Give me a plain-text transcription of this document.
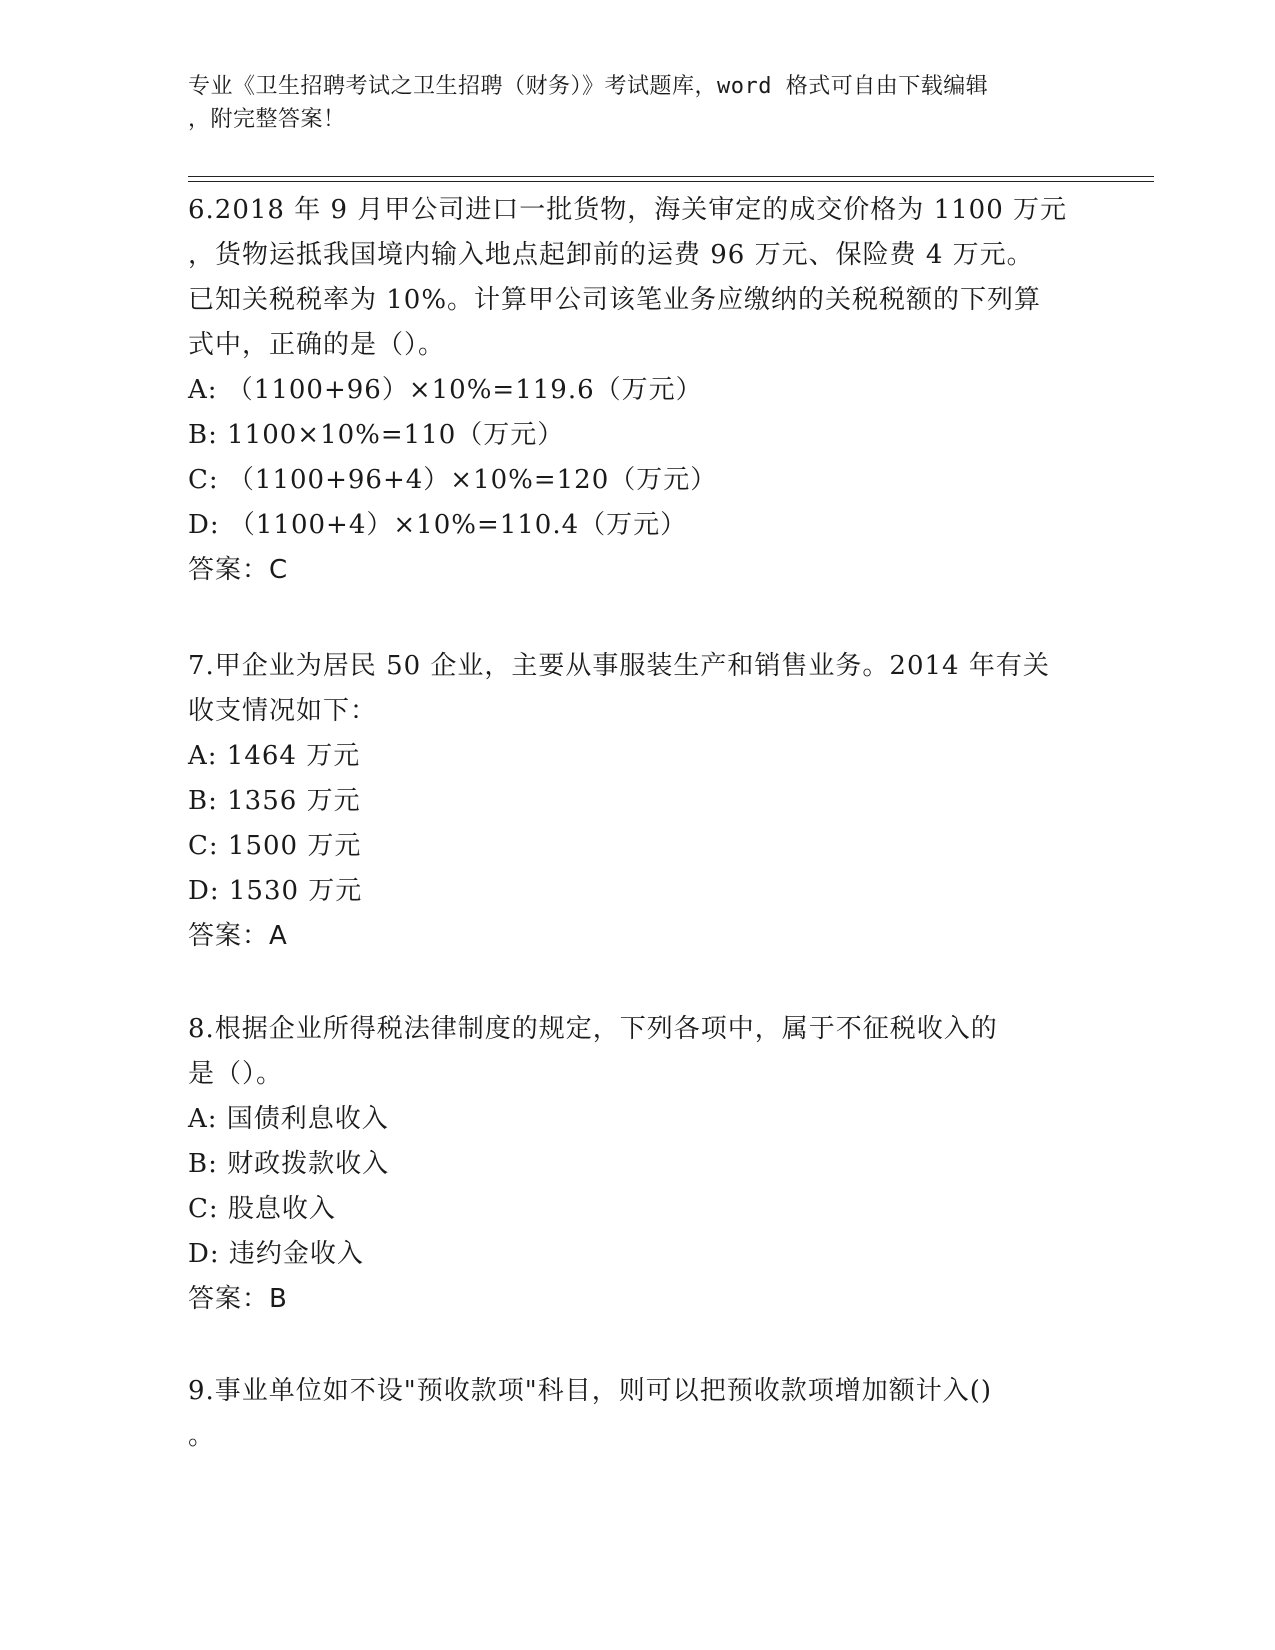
专业《卫生招聘考试之卫生招聘（财务）》考试题库，word 格式可自由下载编辑
，附完整答案！

6.2018 年 9 月甲公司进口一批货物，海关审定的成交价格为 1100 万元

，货物运抵我国境内输入地点起卸前的运费 96 万元、保险费 4 万元。

已知关税税率为 10%。计算甲公司该笔业务应缴纳的关税税额的下列算

式中，正确的是（）。

A: （1100+96）×10%=119.6（万元）

B: 1100×10%=110（万元）

C: （1100+96+4）×10%=120（万元）

D: （1100+4）×10%=110.4（万元）

答案：C

7.甲企业为居民 50 企业，主要从事服装生产和销售业务。2014 年有关

收支情况如下：

A: 1464 万元

B: 1356 万元

C: 1500 万元

D: 1530 万元

答案：A

8.根据企业所得税法律制度的规定，下列各项中，属于不征税收入的

是（）。

A: 国债利息收入

B: 财政拨款收入

C: 股息收入

D: 违约金收入

答案：B

9.事业单位如不设"预收款项"科目，则可以把预收款项增加额计入()

。
